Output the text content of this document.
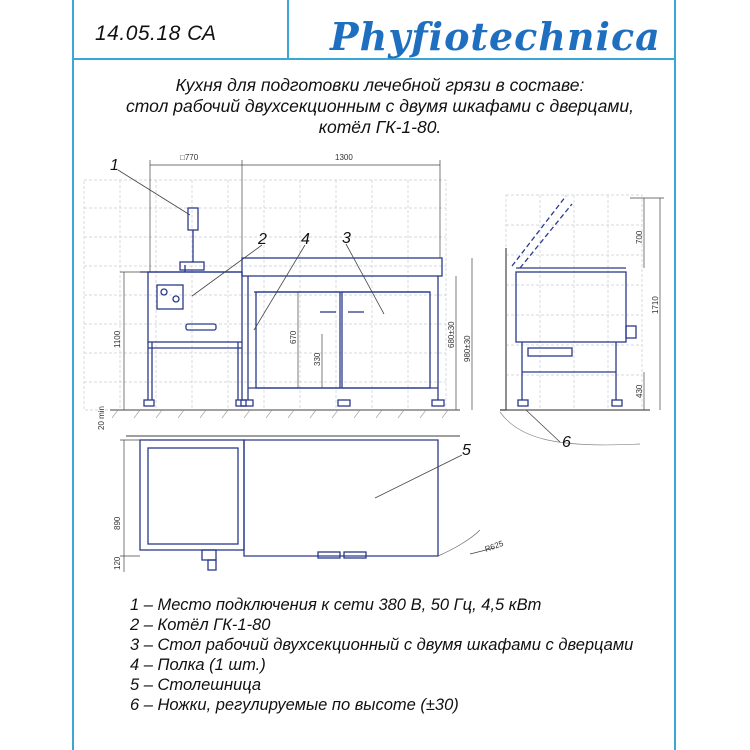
14.05.18 СА	Phyfiotechnica
Кухня для подготовки лечебной грязи в составе:
стол рабочий двухсекционным с двумя шкафами с дверцами,
котёл ГК-1-80.
□770	1300
1100	670
330
680±30
980±30
20 min
700
1710
430
890
120
R625
1
2 4 3
5	6
1 – Место подключения к сети 380 В, 50 Гц, 4,5 кВт
2 – Котёл ГК-1-80
3 – Стол рабочий двухсекционный с двумя шкафами с дверцами
4 – Полка (1 шт.)
5 – Столешница
6 – Ножки, регулируемые по высоте (±30)
